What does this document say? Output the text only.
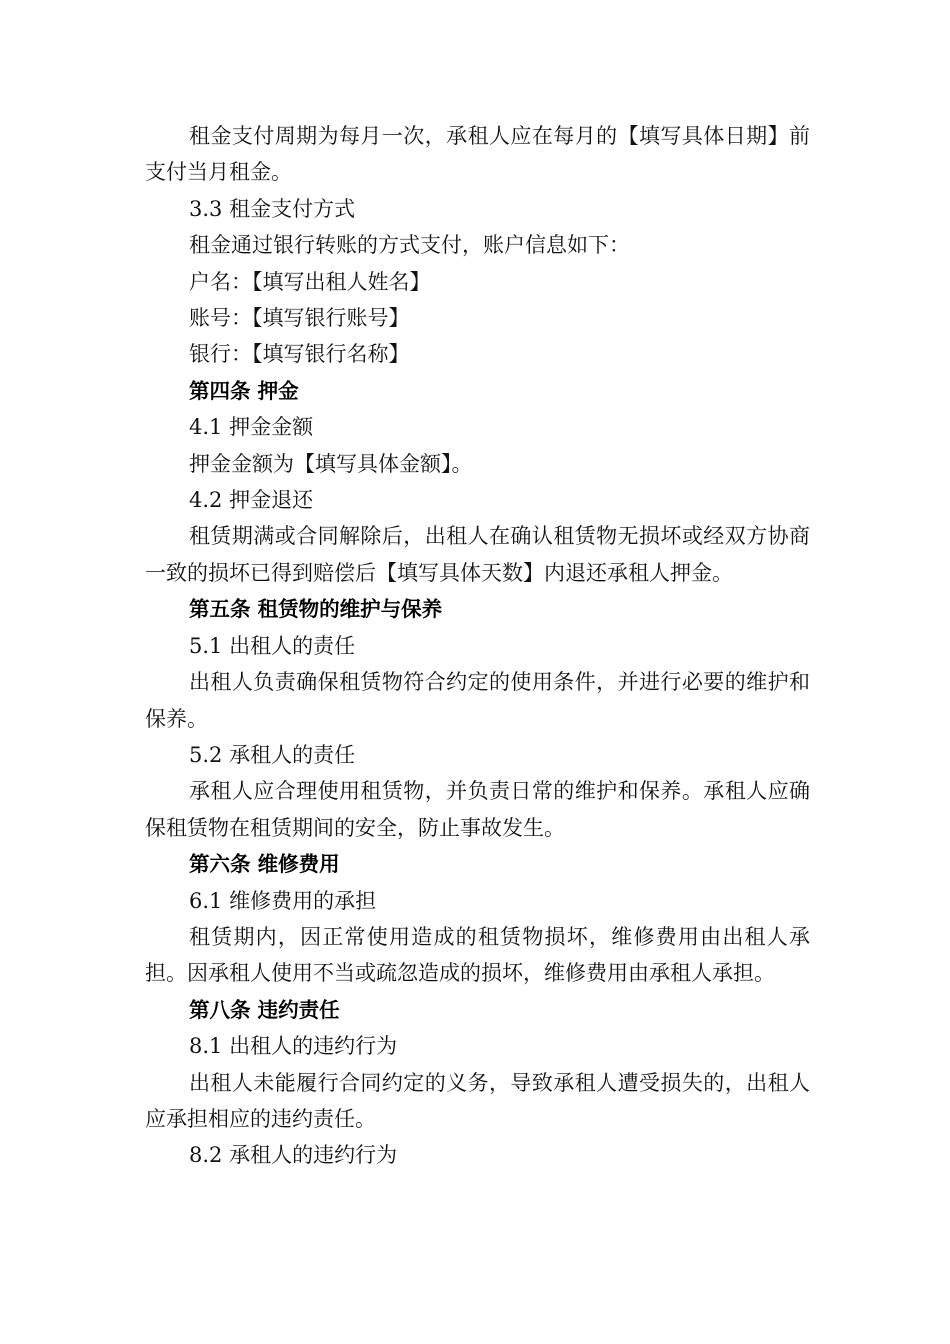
租金支付周期为每月一次，承租人应在每月的【填写具体日期】前支付当月租金。

3.3 租金支付方式

租金通过银行转账的方式支付，账户信息如下：

户名：【填写出租人姓名】

账号：【填写银行账号】

银行：【填写银行名称】

第四条 押金

4.1 押金金额

押金金额为【填写具体金额】。

4.2 押金退还

租赁期满或合同解除后，出租人在确认租赁物无损坏或经双方协商一致的损坏已得到赔偿后【填写具体天数】内退还承租人押金。

第五条 租赁物的维护与保养

5.1 出租人的责任

出租人负责确保租赁物符合约定的使用条件，并进行必要的维护和保养。

5.2 承租人的责任

承租人应合理使用租赁物，并负责日常的维护和保养。承租人应确保租赁物在租赁期间的安全，防止事故发生。

第六条 维修费用

6.1 维修费用的承担

租赁期内，因正常使用造成的租赁物损坏，维修费用由出租人承担。因承租人使用不当或疏忽造成的损坏，维修费用由承租人承担。

第八条 违约责任

8.1 出租人的违约行为

出租人未能履行合同约定的义务，导致承租人遭受损失的，出租人应承担相应的违约责任。

8.2 承租人的违约行为
